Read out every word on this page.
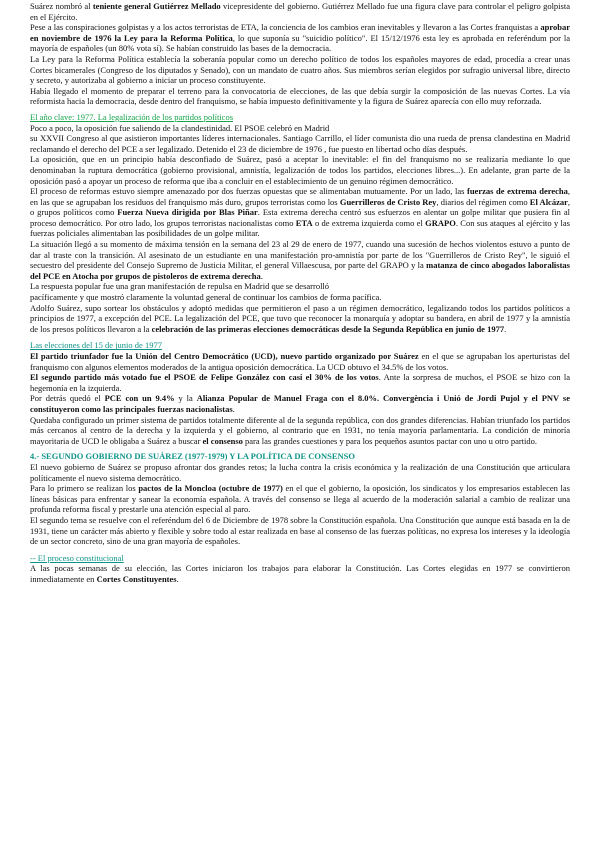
Suárez nombró al teniente general Gutiérrez Mellado vicepresidente del gobierno. Gutiérrez Mellado fue una figura clave para controlar el peligro golpista en el Ejército.

Pese a las conspiraciones golpistas y a los actos terroristas de ETA, la conciencia de los cambios eran inevitables y llevaron a las Cortes franquistas a aprobar en noviembre de 1976 la Ley para la Reforma Política, lo que suponía su "suicidio político". El 15/12/1976 esta ley es aprobada en referéndum por la mayoría de españoles (un 80% vota sí). Se habían construido las bases de la democracia.

La Ley para la Reforma Política establecía la soberanía popular como un derecho político de todos los españoles mayores de edad, procedía a crear unas Cortes bicamerales (Congreso de los diputados y Senado), con un mandato de cuatro años. Sus miembros serían elegidos por sufragio universal libre, directo y secreto, y autorizaba al gobierno a iniciar un proceso constituyente.

Había llegado el momento de preparar el terreno para la convocatoria de elecciones, de las que debía surgir la composición de las nuevas Cortes. La vía reformista hacia la democracia, desde dentro del franquismo, se había impuesto definitivamente y la figura de Suárez aparecía con ello muy reforzada.

El año clave: 1977. La legalización de los partidos políticos

Poco a poco, la oposición fue saliendo de la clandestinidad. El PSOE celebró en Madrid

su XXVII Congreso al que asistieron importantes líderes internacionales. Santiago Carrillo, el líder comunista dio una rueda de prensa clandestina en Madrid reclamando el derecho del PCE a ser legalizado. Detenido el 23 de diciembre de 1976 , fue puesto en libertad ocho días después.

La oposición, que en un principio había desconfiado de Suárez, pasó a aceptar lo inevitable: el fin del franquismo no se realizaría mediante lo que denominaban la ruptura democrática (gobierno provisional, amnistía, legalización de todos los partidos, elecciones libres...). En adelante, gran parte de la oposición pasó a apoyar un proceso de reforma que iba a concluir en el establecimiento de un genuino régimen democrático.

El proceso de reformas estuvo siempre amenazado por dos fuerzas opuestas que se alimentaban mutuamente. Por un lado, las fuerzas de extrema derecha, en las que se agrupaban los residuos del franquismo más duro, grupos terroristas como los Guerrilleros de Cristo Rey, diarios del régimen como El Alcázar, o grupos políticos como Fuerza Nueva dirigida por Blas Piñar. Esta extrema derecha centró sus esfuerzos en alentar un golpe militar que pusiera fin al proceso democrático. Por otro lado, los grupos terroristas nacionalistas como ETA o de extrema izquierda como el GRAPO. Con sus ataques al ejército y las fuerzas policiales alimentaban las posibilidades de un golpe militar.

La situación llegó a su momento de máxima tensión en la semana del 23 al 29 de enero de 1977, cuando una sucesión de hechos violentos estuvo a punto de dar al traste con la transición. Al asesinato de un estudiante en una manifestación pro-amnistía por parte de los "Guerrilleros de Cristo Rey", le siguió el secuestro del presidente del Consejo Supremo de Justicia Militar, el general Villaescusa, por parte del GRAPO y la matanza de cinco abogados laboralistas del PCE en Atocha por grupos de pistoleros de extrema derecha.

La respuesta popular fue una gran manifestación de repulsa en Madrid que se desarrolló

pacíficamente y que mostró claramente la voluntad general de continuar los cambios de forma pacífica.

Adolfo Suárez, supo sortear los obstáculos y adoptó medidas que permitieron el paso a un régimen democrático, legalizando todos los partidos políticos a principios de 1977, a excepción del PCE. La legalización del PCE, que tuvo que reconocer la monarquía y adoptar su bandera, en abril de 1977 y la amnistía de los presos políticos llevaron a la celebración de las primeras elecciones democráticas desde la Segunda República en junio de 1977.

Las elecciones del 15 de junio de 1977

El partido triunfador fue la Unión del Centro Democrático (UCD), nuevo partido organizado por Suárez en el que se agrupaban los aperturistas del franquismo con algunos elementos moderados de la antigua oposición democrática. La UCD obtuvo el 34.5% de los votos.

El segundo partido más votado fue el PSOE de Felipe González con casi el 30% de los votos. Ante la sorpresa de muchos, el PSOE se hizo con la hegemonía en la izquierda.

Por detrás quedó el PCE con un 9.4% y la Alianza Popular de Manuel Fraga con el 8.0%. Convergència i Unió de Jordi Pujol y el PNV se constituyeron como las principales fuerzas nacionalistas.

Quedaba configurado un primer sistema de partidos totalmente diferente al de la segunda república, con dos grandes diferencias. Habían triunfado los partidos más cercanos al centro de la derecha y la izquierda y el gobierno, al contrario que en 1931, no tenía mayoría parlamentaria. La condición de minoría mayoritaria de UCD le obligaba a Suárez a buscar el consenso para las grandes cuestiones y para los pequeños asuntos pactar con uno u otro partido.

4.- SEGUNDO GOBIERNO DE SUÁREZ (1977-1979) Y LA POLÍTICA DE CONSENSO

El nuevo gobierno de Suárez se propuso afrontar dos grandes retos; la lucha contra la crisis económica y la realización de una Constitución que articulara políticamente el nuevo sistema democrático.

Para lo primero se realizan los pactos de la Moncloa (octubre de 1977) en el que el gobierno, la oposición, los sindicatos y los empresarios establecen las líneas básicas para enfrentar y sanear la economía española. A través del consenso se llega al acuerdo de la moderación salarial a cambio de realizar una profunda reforma fiscal y prestarle una atención especial al paro.

El segundo tema se resuelve con el referéndum del 6 de Diciembre de 1978 sobre la Constitución española. Una Constitución que aunque está basada en la de 1931, tiene un carácter más abierto y flexible y sobre todo al estar realizada en base al consenso de las fuerzas políticas, no expresa los intereses y la ideología de un sector concreto, sino de una gran mayoría de españoles.

-- El proceso constitucional

A las pocas semanas de su elección, las Cortes iniciaron los trabajos para elaborar la Constitución. Las Cortes elegidas en 1977 se convirtieron inmediatamente en Cortes Constituyentes.
